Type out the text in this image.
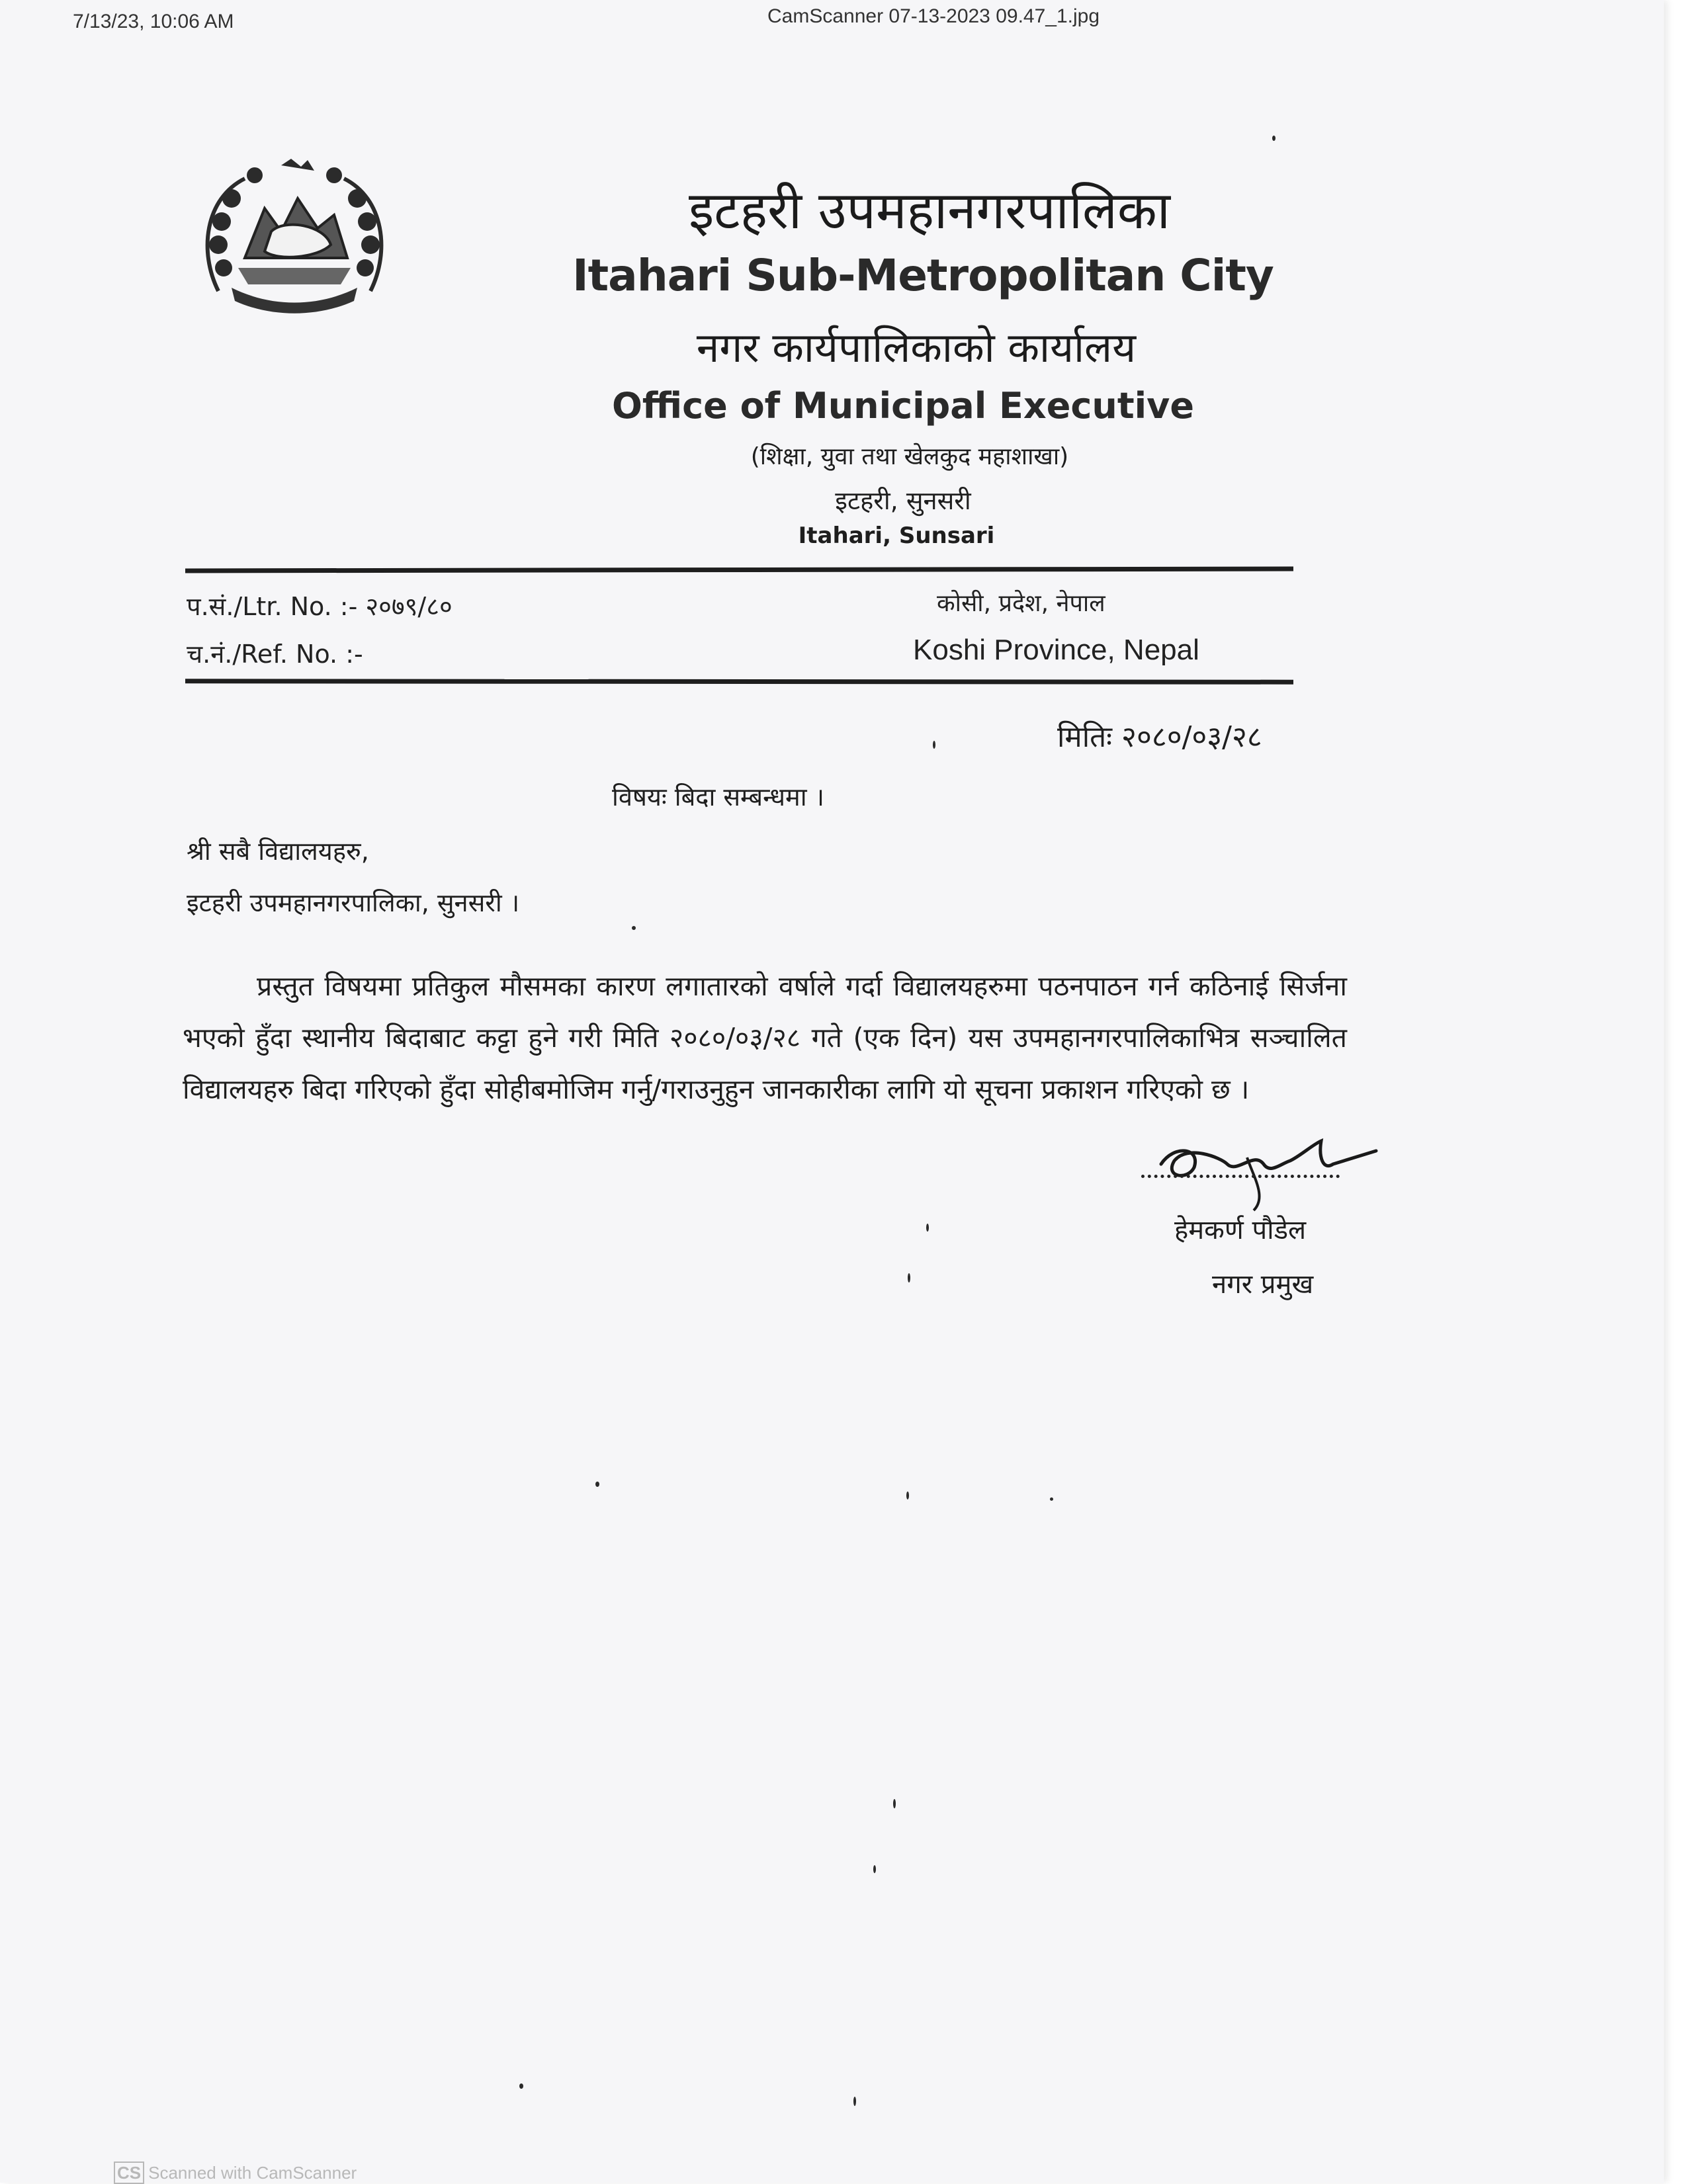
7/13/23, 10:06 AM	CamScanner 07-13-2023 09.47_1.jpg
इटहरी उपमहानगरपालिका
Itahari Sub-Metropolitan City
नगर कार्यपालिकाको कार्यालय
Office of Municipal Executive
(शिक्षा, युवा तथा खेलकुद महाशाखा)
इटहरी, सुनसरी
Itahari, Sunsari
प.सं./Ltr. No. :- २०७९/८०
च.नं./Ref. No. :-
कोसी, प्रदेश, नेपाल
Koshi Province, Nepal
मितिः २०८०/०३/२८
विषयः बिदा सम्बन्धमा ।
श्री सबै विद्यालयहरु,
इटहरी उपमहानगरपालिका, सुनसरी ।
प्रस्तुत विषयमा प्रतिकुल मौसमका कारण लगातारको वर्षाले गर्दा विद्यालयहरुमा पठनपाठन गर्न कठिनाई सिर्जना भएको हुँदा स्थानीय बिदाबाट कट्टा हुने गरी मिति २०८०/०३/२८ गते (एक दिन) यस उपमहानगरपालिकाभित्र सञ्चालित विद्यालयहरु बिदा गरिएको हुँदा सोहीबमोजिम गर्नु/गराउनुहुन जानकारीका लागि यो सूचना प्रकाशन गरिएको छ ।
हेमकर्ण पौडेल
नगर प्रमुख
CS Scanned with CamScanner
